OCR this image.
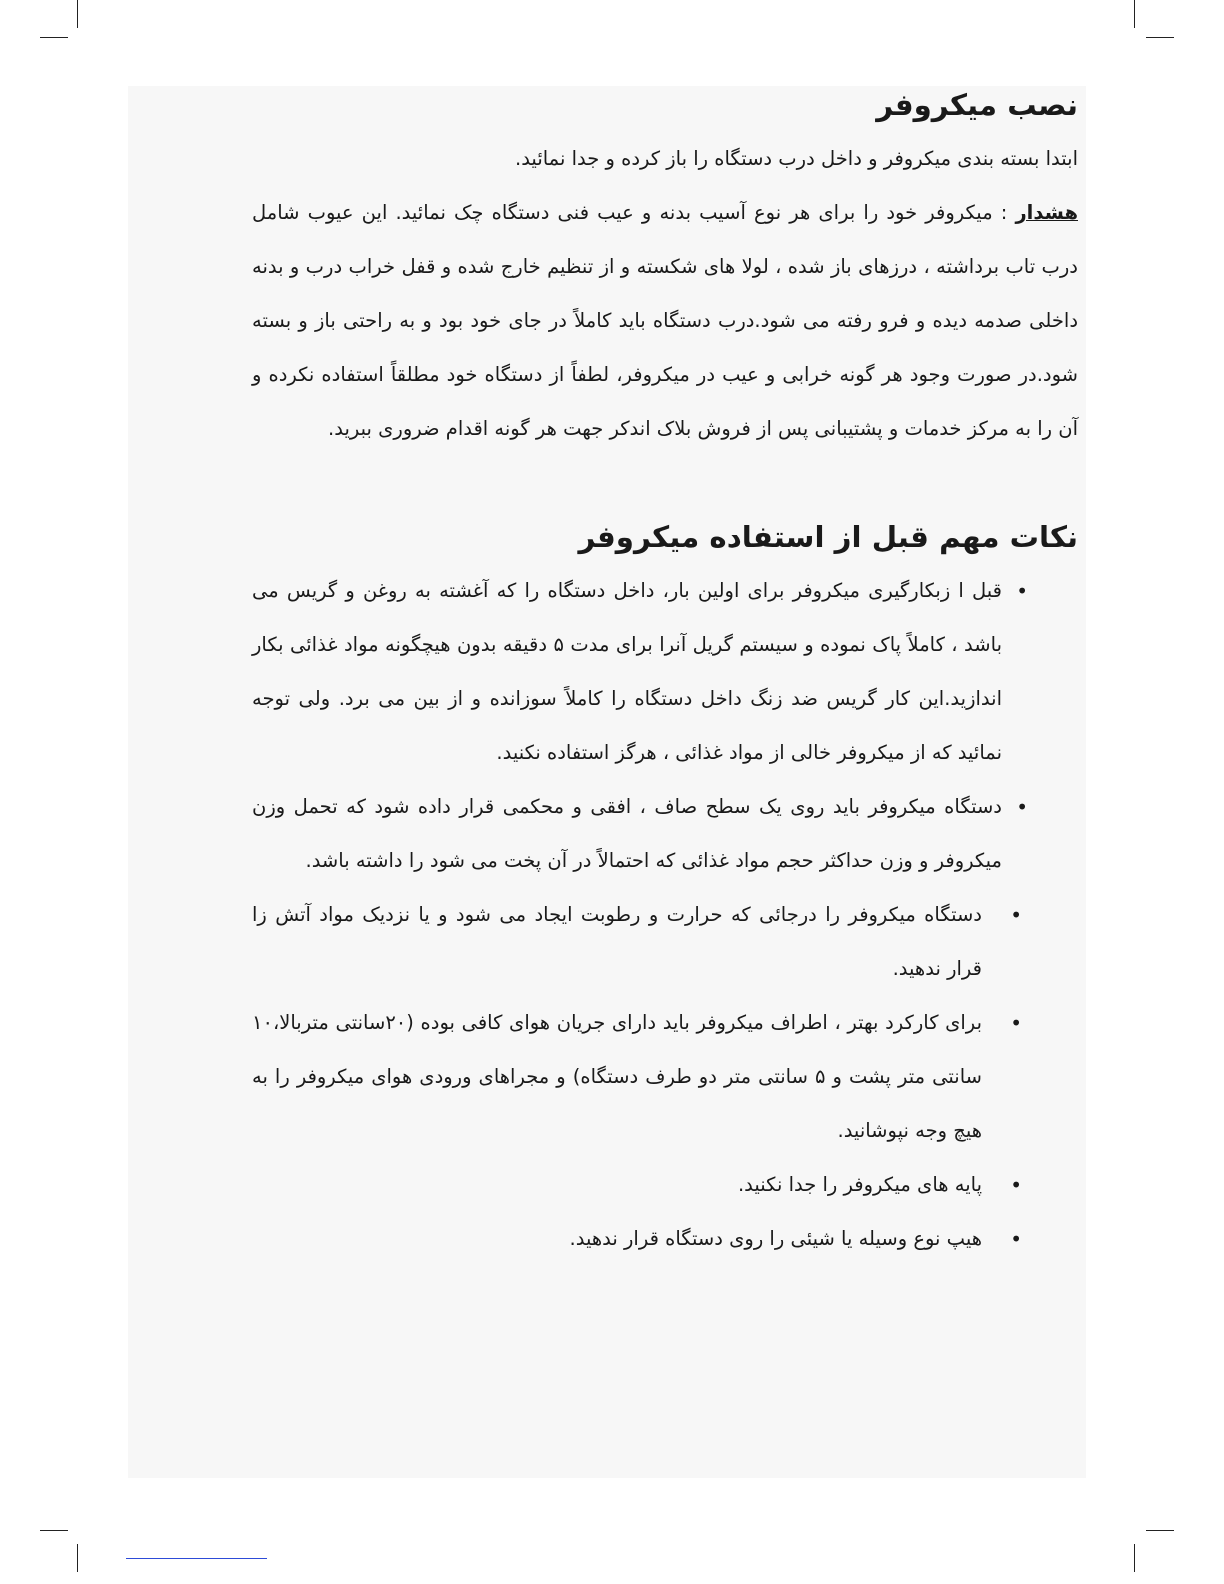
نصب میکروفر

ابتدا بسته بندی میکروفر و داخل درب دستگاه را باز کرده و جدا نمائید.

هشدار : میکروفر خود را برای هر نوع آسیب بدنه و عیب فنی دستگاه چک نمائید. این عیوب شامل درب تاب برداشته ، درزهای باز شده ، لولا های شکسته و از تنظیم خارج شده و قفل خراب درب و بدنه داخلی صدمه دیده و فرو رفته می شود.درب دستگاه باید کاملاً در جای خود بود و به راحتی باز و بسته شود.در صورت وجود هر گونه خرابی و عیب در میکروفر، لطفاً از دستگاه خود مطلقاً استفاده نکرده و آن را به مرکز خدمات و پشتیبانی پس از فروش بلاک اندکر جهت هر گونه اقدام ضروری ببرید.

نکات مهم قبل از استفاده میکروفر
• قبل ا زبکارگیری میکروفر برای اولین بار، داخل دستگاه را که آغشته به روغن و گریس می باشد ، کاملاً پاک نموده و سیستم گریل آنرا برای مدت ۵ دقیقه بدون هیچگونه مواد غذائی بکار اندازید.این کار گریس ضد زنگ داخل دستگاه را کاملاً سوزانده و از بین می برد. ولی توجه نمائید که از میکروفر خالی از مواد غذائی ، هرگز استفاده نکنید.
• دستگاه میکروفر باید روی یک سطح صاف ، افقی و محکمی قرار داده شود که تحمل وزن میکروفر و وزن حداکثر حجم مواد غذائی که احتمالاً در آن پخت می شود را داشته باشد.
• دستگاه میکروفر را درجائی که حرارت و رطوبت ایجاد می شود و یا نزدیک مواد آتش زا قرار ندهید.
• برای کارکرد بهتر ، اطراف میکروفر باید دارای جریان هوای کافی بوده (۲۰سانتی متربالا،۱۰ سانتی متر پشت و ۵ سانتی متر دو طرف دستگاه) و مجراهای ورودی هوای میکروفر را به هیچ وجه نپوشانید.
• پایه های میکروفر را جدا نکنید.
• هیپ نوع وسیله یا شیئی را روی دستگاه قرار ندهید.
